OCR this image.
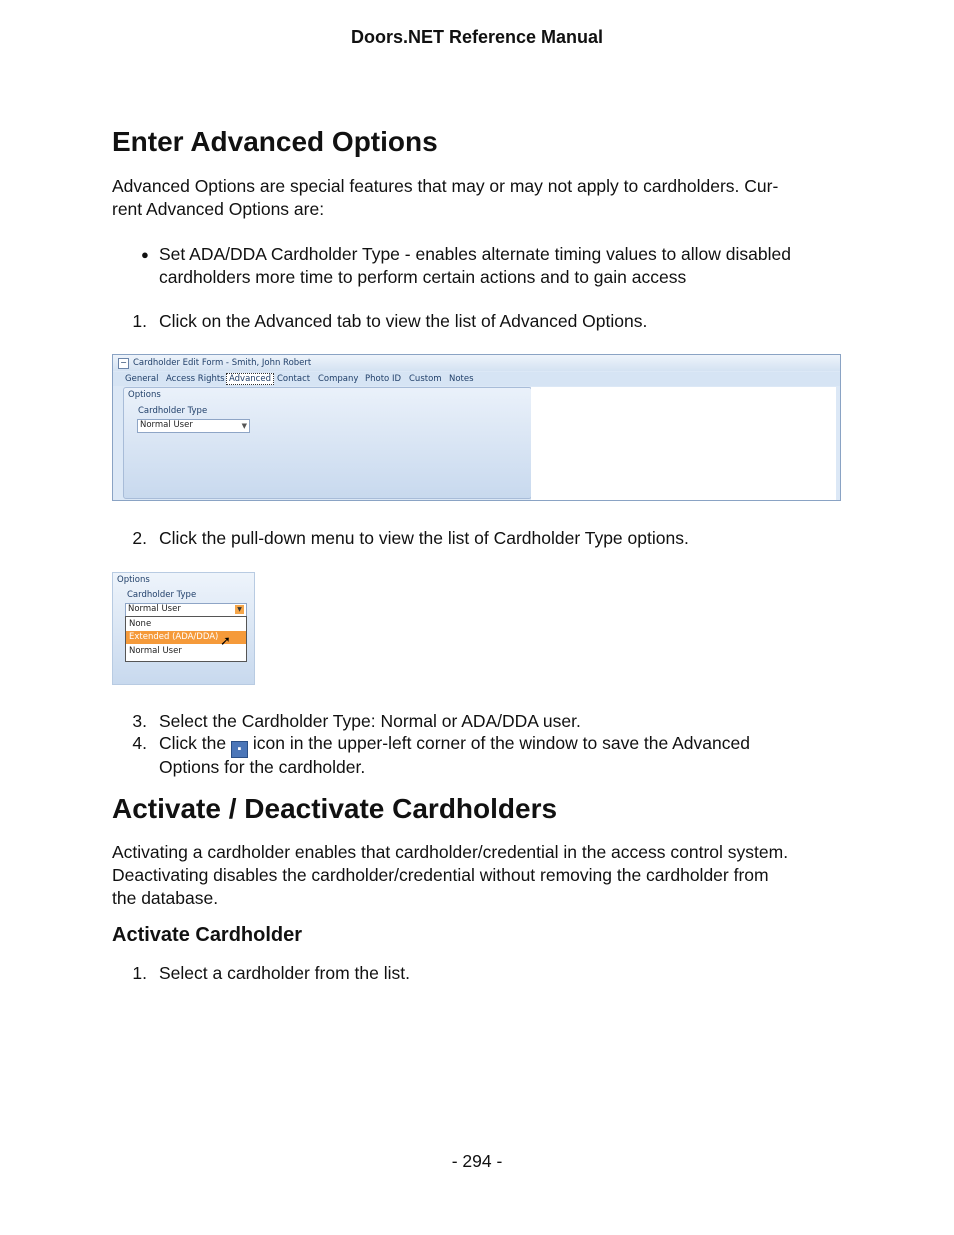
Doors.NET Reference Manual
Enter Advanced Options

Advanced Options are special features that may or may not apply to cardholders. Cur-

rent Advanced Options are:

● Set ADA/DDA Cardholder Type - enables alternate timing values to allow disabled
cardholders more time to perform certain actions and to gain access
1. Click on the Advanced tab to view the list of Advanced Options.
− Cardholder Edit Form - Smith, John Robert
General Access Rights Advanced Contact Company Photo ID Custom Notes
Options
Cardholder Type
Normal User	▼
2. Click the pull-down menu to view the list of Cardholder Type options.
Options
Cardholder Type
Normal User	▼
None
Extended (ADA/DDA)
Normal User
➚
3. Select the Cardholder Type: Normal or ADA/DDA user.
4. Click the ▪ icon in the upper-left corner of the window to save the Advanced
Options for the cardholder.
Activate / Deactivate Cardholders

Activating a cardholder enables that cardholder/credential in the access control system.

Deactivating disables the cardholder/credential without removing the cardholder from

the database.

Activate Cardholder
1. Select a cardholder from the list.
- 294 -
